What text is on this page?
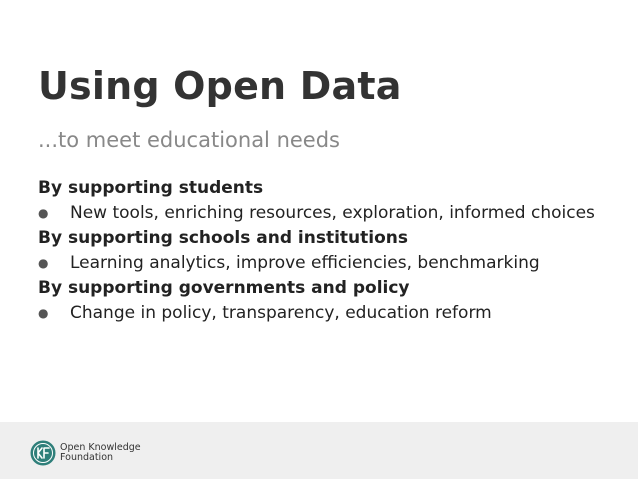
Using Open Data

...to meet educational needs

By supporting students

●	New tools, enriching resources, exploration, informed choices

By supporting schools and institutions

●	Learning analytics, improve efficiencies, benchmarking

By supporting governments and policy

●	Change in policy, transparency, education reform
Open Knowledge
Foundation
